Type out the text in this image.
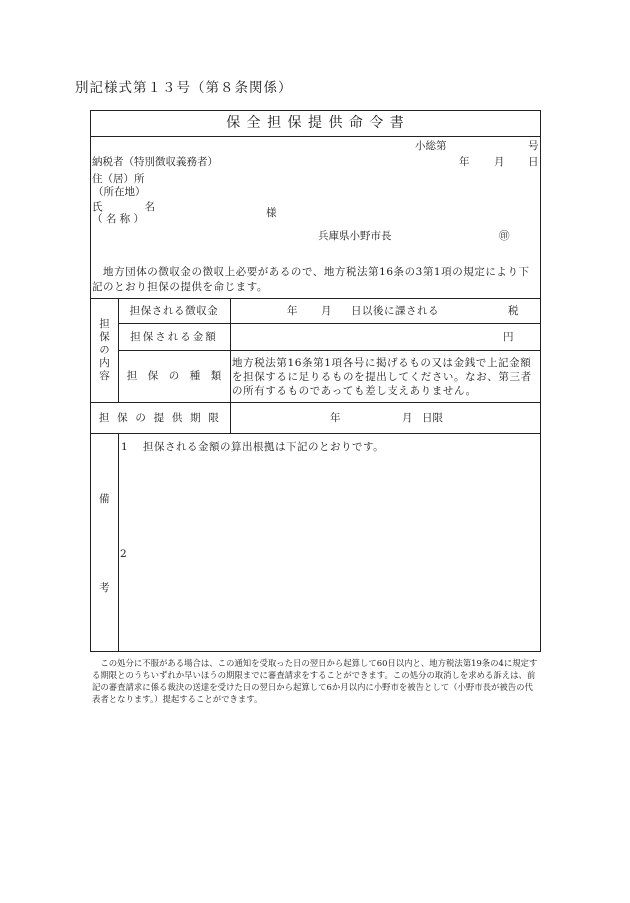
別記様式第１３号（第８条関係）
保 全 担 保 提 供 命 令 書
小総第	号
納税者（特別徴収義務者）	年 月 日
住（居）所
（所在地）
氏　　　　名
（ 名 称 ）	様
兵庫県小野市長	㊞
　地方団体の徴収金の徴収上必要があるので、地方税法第16条の3第1項の規定により下
記のとおり担保の提供を命じます。
担保の内容
担保される徴収金	年 月 日以後に課される	税
担保される金額	円
担　保　の　種　類
地方税法第16条第1項各号に掲げるもの又は金銭で上記金額
を担保するに足りるものを提出してください。なお、第三者
の所有するものであっても差し支えありません。
担 保 の 提 供 期 限	年	月 日限
備
考
1 担保される金額の算出根拠は下記のとおりです。
2
　この処分に不服がある場合は、この通知を受取った日の翌日から起算して60日以内と、地方税法第19条の4に規定す
る期限とのうちいずれか早いほうの期限までに審査請求をすることができます。この処分の取消しを求める訴えは、前
記の審査請求に係る裁決の送達を受けた日の翌日から起算して6か月以内に小野市を被告として（小野市長が被告の代
表者となります。）提起することができます。
